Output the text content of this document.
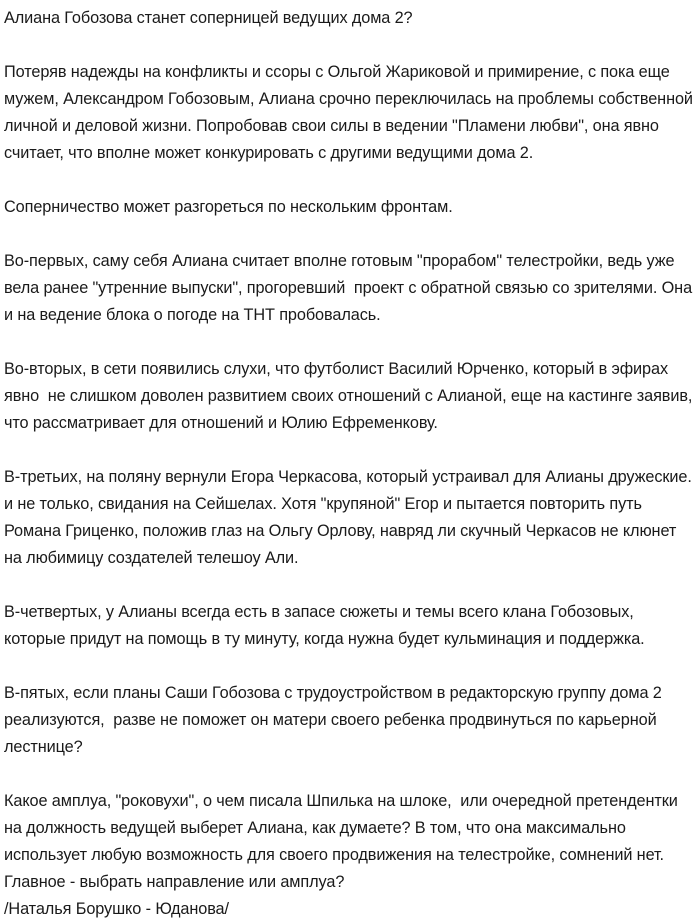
Алиана Гобозова станет соперницей ведущих дома 2?

Потеряв надежды на конфликты и ссоры с Ольгой Жариковой и примирение, с пока еще мужем, Александром Гобозовым, Алиана срочно переключилась на проблемы собственной личной и деловой жизни. Попробовав свои силы в ведении "Пламени любви", она явно считает, что вполне может конкурировать с другими ведущими дома 2.

Соперничество может разгореться по нескольким фронтам.

Во-первых, саму себя Алиана считает вполне готовым "прорабом" телестройки, ведь уже вела ранее "утренние выпуски", прогоревший  проект с обратной связью со зрителями. Она и на ведение блока о погоде на ТНТ пробовалась.

Во-вторых, в сети появились слухи, что футболист Василий Юрченко, который в эфирах явно  не слишком доволен развитием своих отношений с Алианой, еще на кастинге заявив, что рассматривает для отношений и Юлию Ефременкову.

В-третьих, на поляну вернули Егора Черкасова, который устраивал для Алианы дружеские. и не только, свидания на Сейшелах. Хотя "крупяной" Егор и пытается повторить путь Романа Гриценко, положив глаз на Ольгу Орлову, навряд ли скучный Черкасов не клюнет на любимицу создателей телешоу Али.

В-четвертых, у Алианы всегда есть в запасе сюжеты и темы всего клана Гобозовых, которые придут на помощь в ту минуту, когда нужна будет кульминация и поддержка.

В-пятых, если планы Саши Гобозова с трудоустройством в редакторскую группу дома 2 реализуются,  разве не поможет он матери своего ребенка продвинуться по карьерной лестнице?

Какое амплуа, "роковухи", о чем писала Шпилька на шлоке,  или очередной претендентки на должность ведущей выберет Алиана, как думаете? В том, что она максимально использует любую возможность для своего продвижения на телестройке, сомнений нет. Главное - выбрать направление или амплуа?

/Наталья Борушко - Юданова/
